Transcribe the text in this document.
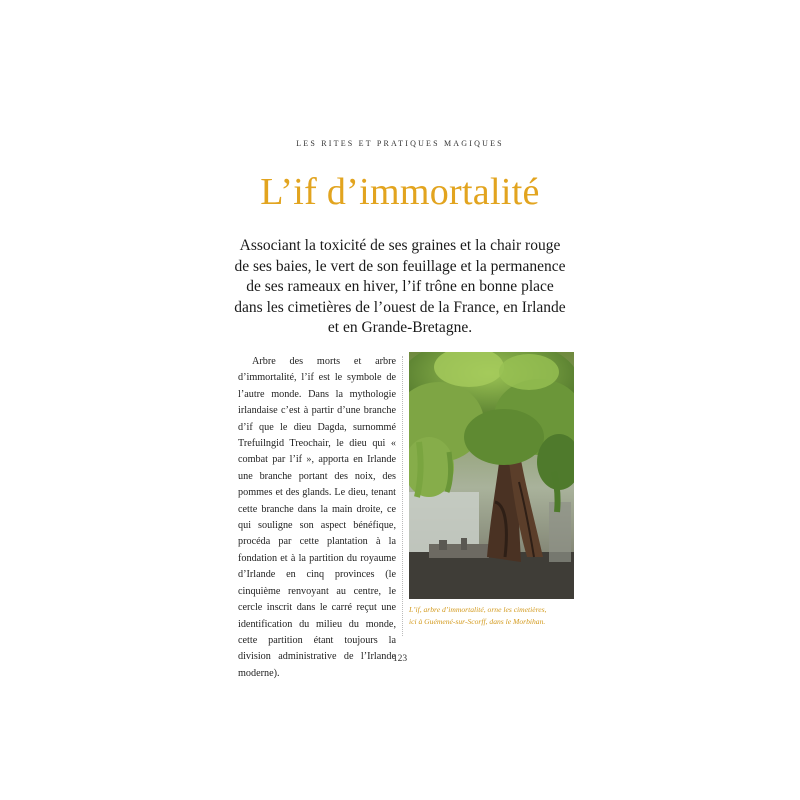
LES RITES ET PRATIQUES MAGIQUES
L’if d’immortalité
Associant la toxicité de ses graines et la chair rouge
de ses baies, le vert de son feuillage et la permanence
de ses rameaux en hiver, l’if trône en bonne place
dans les cimetières de l’ouest de la France, en Irlande
et en Grande-Bretagne.

Arbre des morts et arbre d’immortalité, l’if est le symbole de l’autre monde. Dans la mythologie irlandaise c’est à partir d’une branche d’if que le dieu Dagda, surnommé Trefuilngid Treochair, le dieu qui « combat par l’if », apporta en Irlande une branche portant des noix, des pommes et des glands. Le dieu, tenant cette branche dans la main droite, ce qui souligne son aspect bénéfique, procéda par cette plantation à la fondation et à la partition du royaume d’Irlande en cinq provinces (le cinquième renvoyant au centre, le cercle inscrit dans le carré reçut une identification du milieu du monde, cette partition étant toujours la division administrative de l’Irlande moderne).

L’if, arbre d’immortalité, orne les cimetières,
ici à Guémené-sur-Scorff, dans le Morbihan.
123
